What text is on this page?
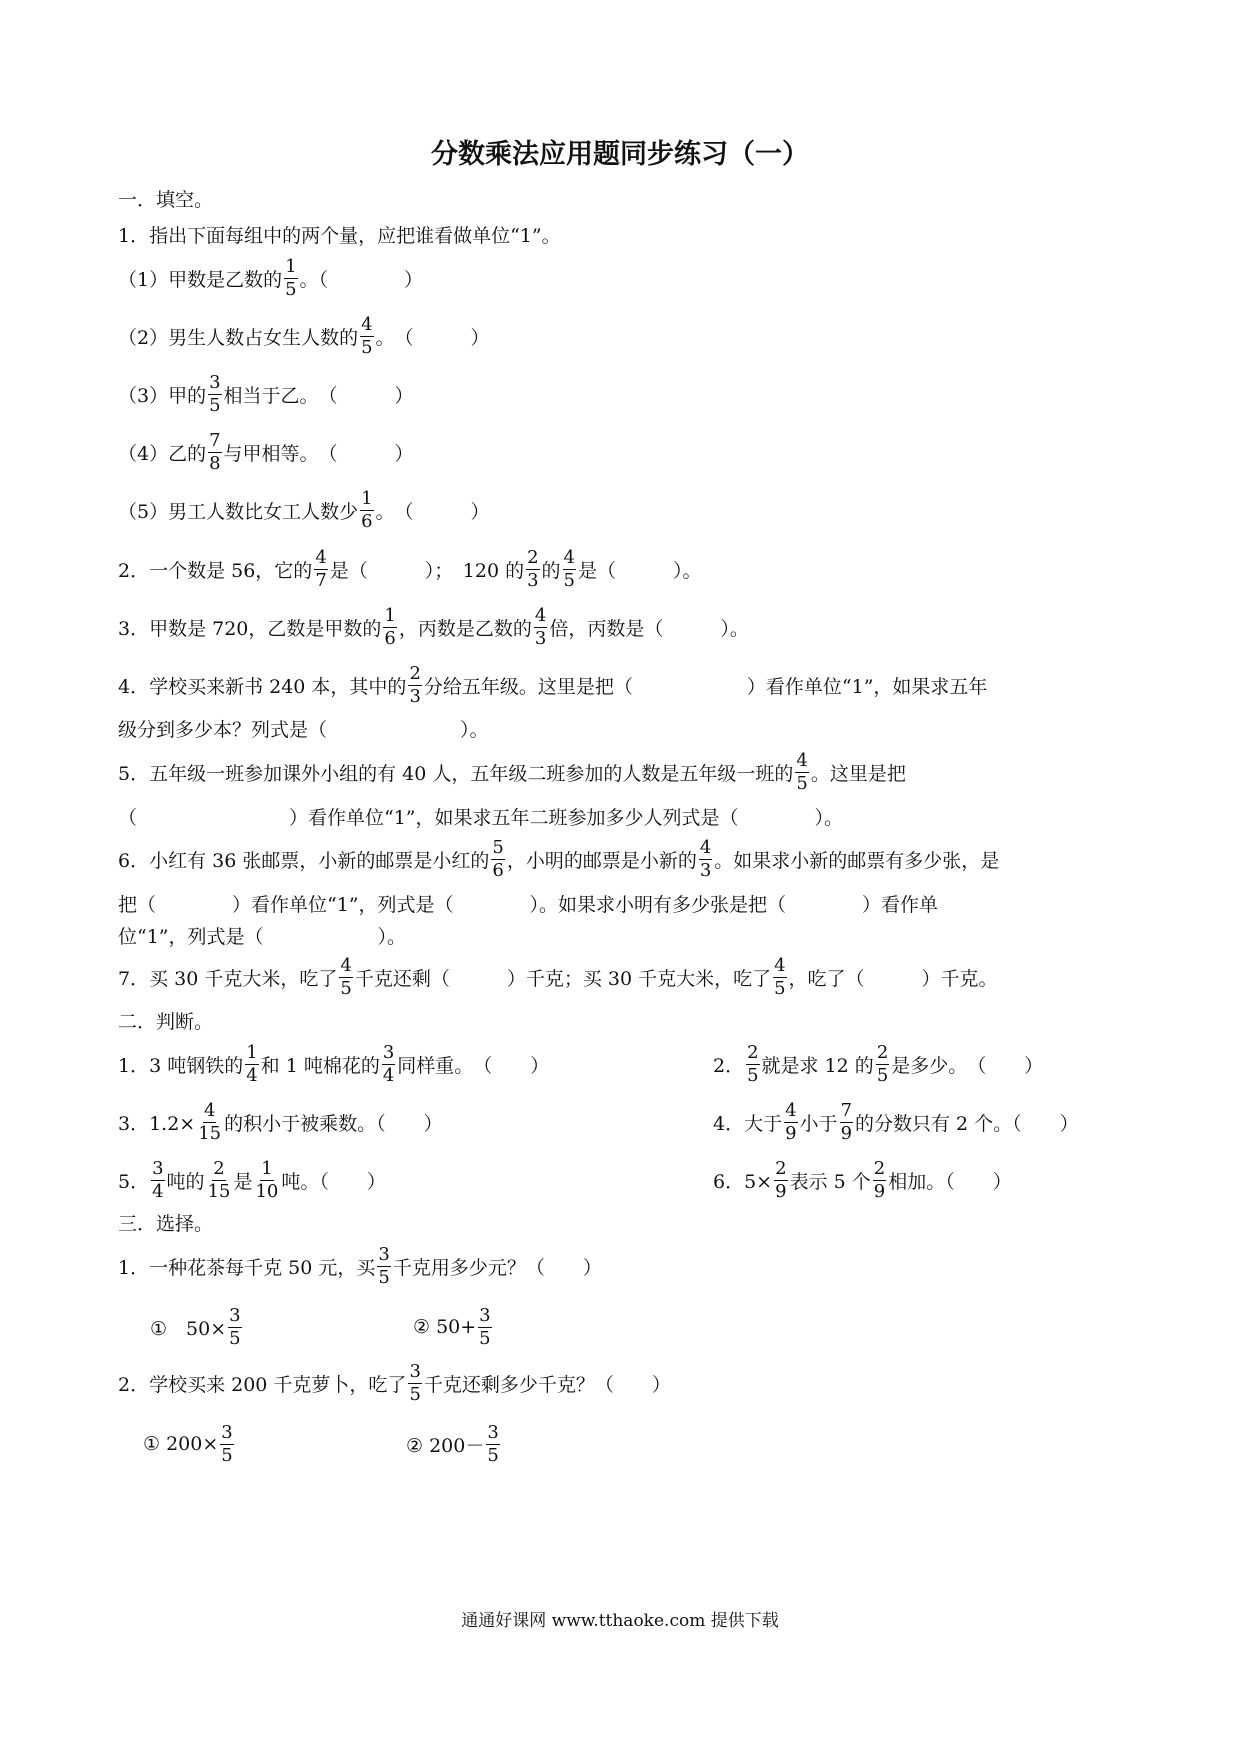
分数乘法应用题同步练习（一）
一．填空。
1．指出下面每组中的两个量，应把谁看做单位“1”。
（1）甲数是乙数的 $\frac{1}{5}$ 。（　　　　）
（2）男生人数占女生人数的 $\frac{4}{5}$ 。　（　　　）
（3）甲的 $\frac{3}{5}$ 相当于乙。　（　　　）
（4）乙的 $\frac{7}{8}$ 与甲相等。　（　　　）
（5）男工人数比女工人数少 $\frac{1}{6}$ 。　（　　　）
2．一个数是 56，它的 $\frac{4}{7}$ 是（　　　）；　120 的 $\frac{2}{3}$ 的 $\frac{4}{5}$ 是（　　　）。
3．甲数是 720，乙数是甲数的 $\frac{1}{6}$ ，丙数是乙数的 $\frac{4}{3}$ 倍，丙数是（　　　）。
4．学校买来新书 240 本，其中的 $\frac{2}{3}$ 分给五年级。这里是把（　　　　　　）看作单位“1”，如果求五年
级分到多少本？列式是（　　　　　　　）。
5．五年级一班参加课外小组的有 40 人，五年级二班参加的人数是五年级一班的 $\frac{4}{5}$ 。这里是把
（　　　　　　　　）看作单位“1”，如果求五年二班参加多少人列式是（　　　　）。
6．小红有 36 张邮票，小新的邮票是小红的 $\frac{5}{6}$ ，小明的邮票是小新的 $\frac{4}{3}$ 。如果求小新的邮票有多少张，是
把（　　　　）看作单位“1”，列式是（　　　　）。如果求小明有多少张是把（　　　　）看作单
位“1”，列式是（　　　　　　）。
7．买 30 千克大米，吃了 $\frac{4}{5}$ 千克还剩（　　　）千克；买 30 千克大米，吃了 $\frac{4}{5}$ ，吃了（　　　）千克。
二．判断。
1．3 吨钢铁的 $\frac{1}{4}$ 和 1 吨棉花的 $\frac{3}{4}$ 同样重。　（　　）	2． $\frac{2}{5}$ 就是求 12 的 $\frac{2}{5}$ 是多少。　（　　）
3．$1.2\times \frac{4}{15}$ 的积小于被乘数。（　　）	4．大于 $\frac{4}{9}$ 小于 $\frac{7}{9}$ 的分数只有 2 个。（　　）
5． $\frac{3}{4}$ 吨的 $\frac{2}{15}$ 是 $\frac{1}{10}$ 吨。（　　）	6．$5\times \frac{2}{9}$ 表示 5 个 $\frac{2}{9}$ 相加。（　　）
三．选择。
1．一种花茶每千克 50 元，买 $\frac{3}{5}$ 千克用多少元？（　　）
①　$50\times \frac{3}{5}$	② $50+ \frac{3}{5}$
2．学校买来 200 千克萝卜，吃了 $\frac{3}{5}$ 千克还剩多少千克？（　　）
① $200\times \frac{3}{5}$	② $200- \frac{3}{5}$
通通好课网 www.tthaoke.com 提供下载
